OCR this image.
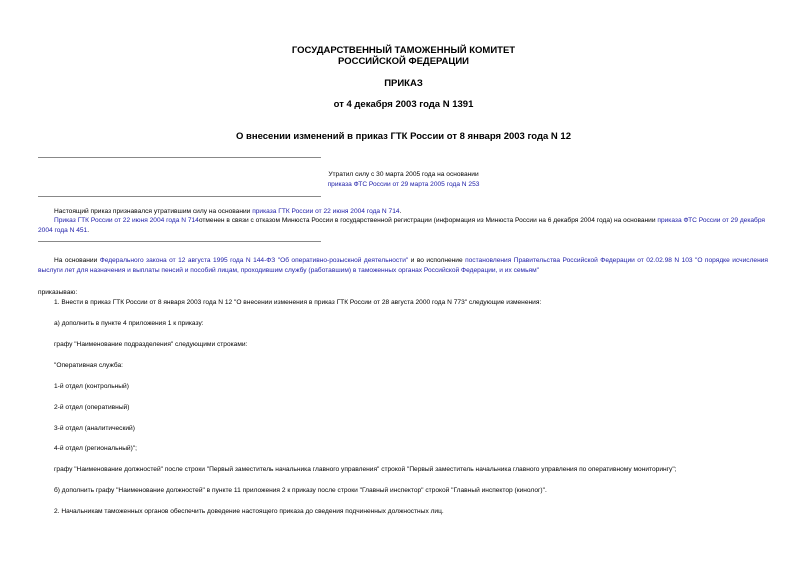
ГОСУДАРСТВЕННЫЙ ТАМОЖЕННЫЙ КОМИТЕТ
РОССИЙСКОЙ ФЕДЕРАЦИИ
ПРИКАЗ
от 4 декабря 2003 года N 1391
О внесении изменений в приказ ГТК России от 8 января 2003 года N 12
Утратил силу с 30 марта 2005 года на основании
приказа ФТС России от 29 марта 2005 года N 253
Настоящий приказ признавался утратившим силу на основании приказа ГТК России от 22 июня 2004 года N 714.
Приказ ГТК России от 22 июня 2004 года N 714отменен в связи с отказом Минюста России в государственной регистрации (информация из Минюста России на 6 декабря 2004 года) на основании приказа ФТС России от 29 декабря 2004 года N 451.
На основании Федерального закона от 12 августа 1995 года N 144-ФЗ "Об оперативно-розыскной деятельности" и во исполнение постановления Правительства Российской Федерации от 02.02.98 N 103 "О порядке исчисления выслуги лет для назначения и выплаты пенсий и пособий лицам, проходившим службу (работавшим) в таможенных органах Российской Федерации, и их семьям"
приказываю:
1. Внести в приказ ГТК России от 8 января 2003 года N 12 "О внесении изменения в приказ ГТК России от 28 августа 2000 года N 773" следующие изменения:
а) дополнить в пункте 4 приложения 1 к приказу:
графу "Наименование подразделения" следующими строками:
"Оперативная служба:
1-й отдел (контрольный)
2-й отдел (оперативный)
3-й отдел (аналитический)
4-й отдел (региональный)";
графу "Наименование должностей" после строки "Первый заместитель начальника главного управления" строкой "Первый заместитель начальника главного управления по оперативному мониторингу";
б) дополнить графу "Наименование должностей" в пункте 11 приложения 2 к приказу после строки "Главный инспектор" строкой "Главный инспектор (кинолог)".
2. Начальникам таможенных органов обеспечить доведение настоящего приказа до сведения подчиненных должностных лиц.
